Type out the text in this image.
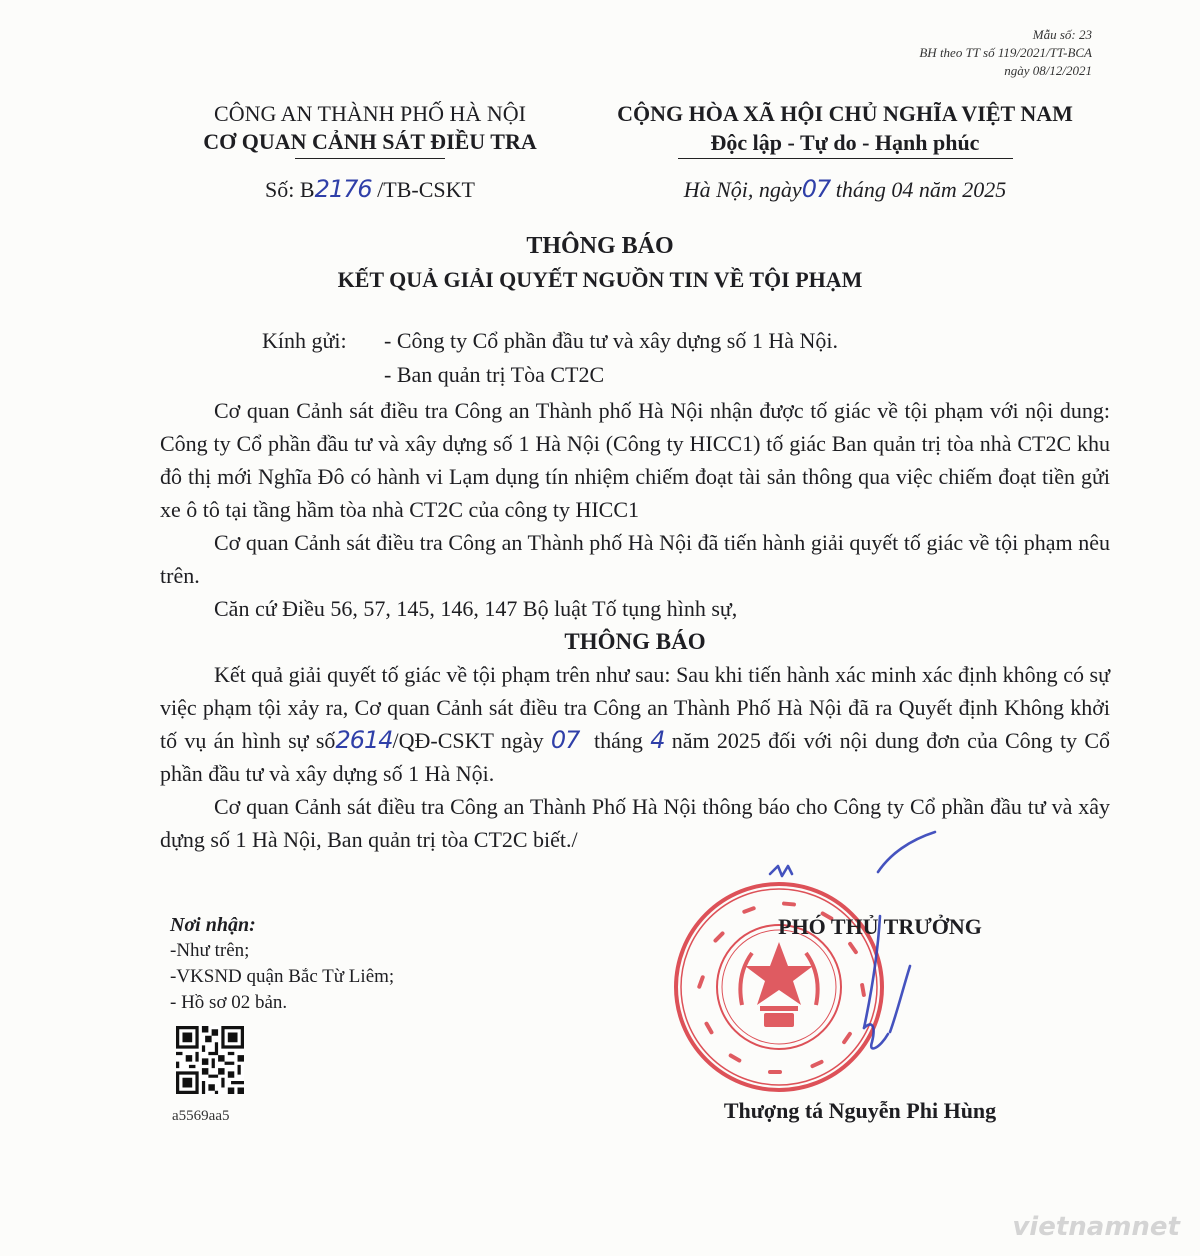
Mẫu số: 23
BH theo TT số 119/2021/TT-BCA
ngày 08/12/2021
CÔNG AN THÀNH PHỐ HÀ NỘI
CƠ QUAN CẢNH SÁT ĐIỀU TRA
CỘNG HÒA XÃ HỘI CHỦ NGHĨA VIỆT NAM
Độc lập - Tự do - Hạnh phúc
Số: B2176 /TB-CSKT	Hà Nội, ngày07 tháng 04 năm 2025
THÔNG BÁO
KẾT QUẢ GIẢI QUYẾT NGUỒN TIN VỀ TỘI PHẠM
Kính gửi: - Công ty Cổ phần đầu tư và xây dựng số 1 Hà Nội.
- Ban quản trị Tòa CT2C

Cơ quan Cảnh sát điều tra Công an Thành phố Hà Nội nhận được tố giác về tội phạm với nội dung: Công ty Cổ phần đầu tư và xây dựng số 1 Hà Nội (Công ty HICC1) tố giác Ban quản trị tòa nhà CT2C khu đô thị mới Nghĩa Đô có hành vi Lạm dụng tín nhiệm chiếm đoạt tài sản thông qua việc chiếm đoạt tiền gửi xe ô tô tại tầng hầm tòa nhà CT2C của công ty HICC1

Cơ quan Cảnh sát điều tra Công an Thành phố Hà Nội đã tiến hành giải quyết tố giác về tội phạm nêu trên.

Căn cứ Điều 56, 57, 145, 146, 147 Bộ luật Tố tụng hình sự,

THÔNG BÁO

Kết quả giải quyết tố giác về tội phạm trên như sau: Sau khi tiến hành xác minh xác định không có sự việc phạm tội xảy ra, Cơ quan Cảnh sát điều tra Công an Thành Phố Hà Nội đã ra Quyết định Không khởi tố vụ án hình sự số2614/QĐ-CSKT ngày 07 tháng 4 năm 2025 đối với nội dung đơn của Công ty Cổ phần đầu tư và xây dựng số 1 Hà Nội.

Cơ quan Cảnh sát điều tra Công an Thành Phố Hà Nội thông báo cho Công ty Cổ phần đầu tư và xây dựng số 1 Hà Nội, Ban quản trị tòa CT2C biết./

Nơi nhận:
-Như trên;
-VKSND quận Bắc Từ Liêm;
- Hồ sơ 02 bản.
a5569aa5
PHÓ THỦ TRƯỞNG
Thượng tá Nguyễn Phi Hùng
vietnamnet
